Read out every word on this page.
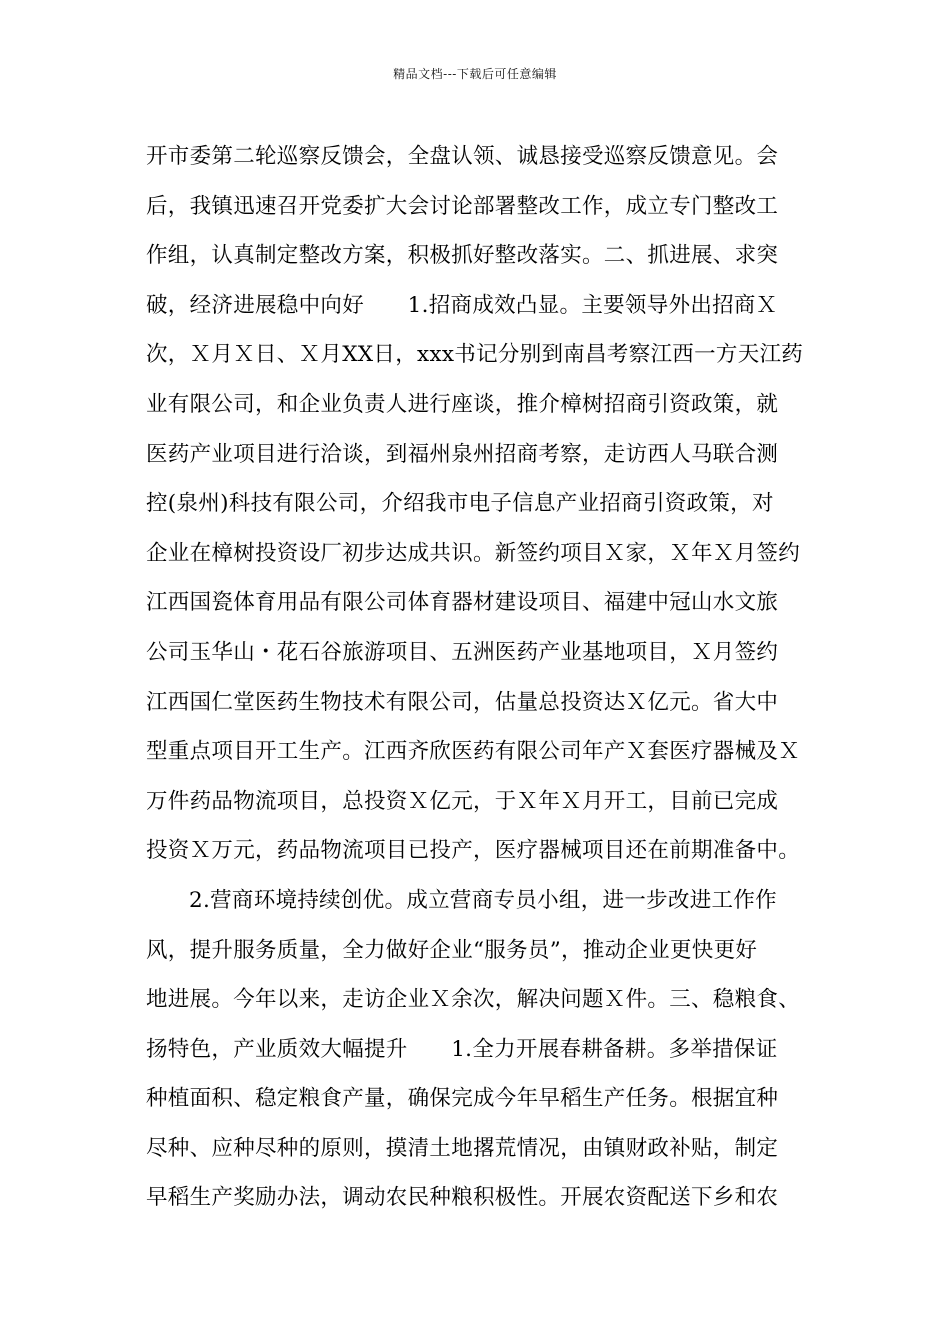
精品文档---下载后可任意编辑
开市委第二轮巡察反馈会，全盘认领、诚恳接受巡察反馈意见。会
后，我镇迅速召开党委扩大会讨论部署整改工作，成立专门整改工
作组，认真制定整改方案，积极抓好整改落实。二、抓进展、求突
破，经济进展稳中向好　　1.招商成效凸显。主要领导外出招商Ｘ
次，Ｘ月Ｘ日、Ｘ月XX日，xxx书记分别到南昌考察江西一方天江药
业有限公司，和企业负责人进行座谈，推介樟树招商引资政策，就
医药产业项目进行洽谈，到福州泉州招商考察，走访西人马联合测
控(泉州)科技有限公司，介绍我市电子信息产业招商引资政策，对
企业在樟树投资设厂初步达成共识。新签约项目Ｘ家，Ｘ年Ｘ月签约
江西国瓷体育用品有限公司体育器材建设项目、福建中冠山水文旅
公司玉华山・花石谷旅游项目、五洲医药产业基地项目，Ｘ月签约
江西国仁堂医药生物技术有限公司，估量总投资达Ｘ亿元。省大中
型重点项目开工生产。江西齐欣医药有限公司年产Ｘ套医疗器械及Ｘ
万件药品物流项目，总投资Ｘ亿元，于Ｘ年Ｘ月开工，目前已完成
投资Ｘ万元，药品物流项目已投产，医疗器械项目还在前期准备中。
2.营商环境持续创优。成立营商专员小组，进一步改进工作作
风，提升服务质量，全力做好企业“服务员”，推动企业更快更好
地进展。今年以来，走访企业Ｘ余次，解决问题Ｘ件。三、稳粮食、
扬特色，产业质效大幅提升　　1.全力开展春耕备耕。多举措保证
种植面积、稳定粮食产量，确保完成今年早稻生产任务。根据宜种
尽种、应种尽种的原则，摸清土地撂荒情况，由镇财政补贴，制定
早稻生产奖励办法，调动农民种粮积极性。开展农资配送下乡和农
